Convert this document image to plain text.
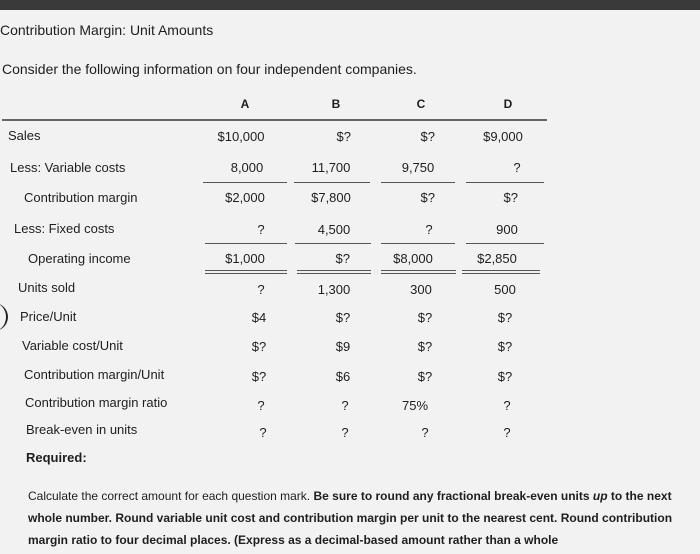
Contribution Margin: Unit Amounts
Consider the following information on four independent companies.
A	B	C	D
Sales	$10,000	$?	$?	$9,000
Less: Variable costs	8,000	11,700	9,750	?
Contribution margin	$2,000	$7,800	$?	$?
Less: Fixed costs	?	4,500	?	900
Operating income	$1,000	$?	$8,000	$2,850
Units sold	?	1,300	300	500
Price/Unit	$4	$?	$?	$?
Variable cost/Unit	$?	$9	$?	$?
Contribution margin/Unit	$?	$6	$?	$?
Contribution margin ratio	?	?	75%	?
Break-even in units	?	?	?	?
Required:
Calculate the correct amount for each question mark. Be sure to round any fractional break-even units up to the next whole number. Round variable unit cost and contribution margin per unit to the nearest cent. Round contribution margin ratio to four decimal places. (Express as a decimal-based amount rather than a whole
